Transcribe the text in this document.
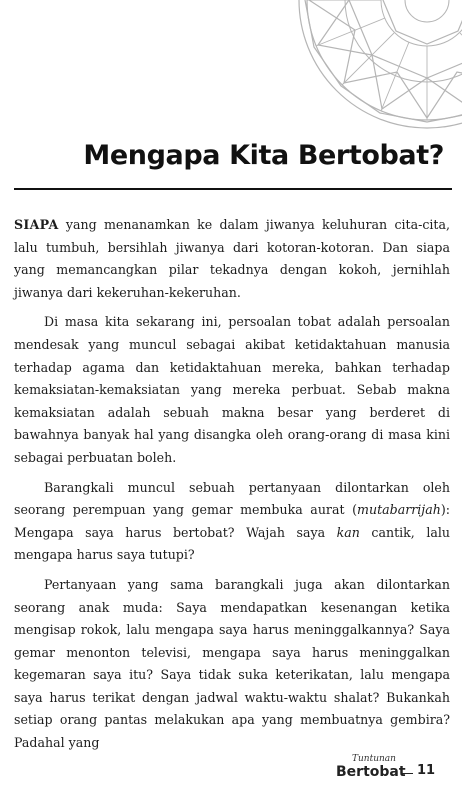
Mengapa Kita Bertobat?

SIAPA yang menanamkan ke dalam jiwanya keluhuran cita-cita, lalu tumbuh, bersihlah jiwanya dari kotoran-kotoran. Dan siapa yang memancangkan pilar tekadnya dengan kokoh, jernihlah jiwanya dari kekeruhan-kekeruhan.

Di masa kita sekarang ini, persoalan tobat adalah persoalan mendesak yang muncul sebagai akibat ketidaktahuan manusia terhadap agama dan ketidaktahuan mereka, bahkan terhadap kemaksiatan-kemaksiatan yang mereka perbuat. Sebab makna kemaksiatan adalah sebuah makna besar yang berderet di bawahnya banyak hal yang disangka oleh orang-orang di masa kini sebagai perbuatan boleh.

Barangkali muncul sebuah pertanyaan dilontarkan oleh seorang perempuan yang gemar membuka aurat (mutabarrijah): Mengapa saya harus bertobat? Wajah saya kan cantik, lalu mengapa harus saya tutupi?

Pertanyaan yang sama barangkali juga akan dilontarkan seorang anak muda: Saya mendapatkan kesenangan ketika mengisap rokok, lalu mengapa saya harus meninggalkannya? Saya gemar menonton televisi, mengapa saya harus meninggalkan kegemaran saya itu? Saya tidak suka keterikatan, lalu mengapa saya harus terikat dengan jadwal waktu-waktu shalat? Bukankah setiap orang pantas melakukan apa yang membuatnya gembira? Padahal yang

Tuntunan
Bertobat 11
